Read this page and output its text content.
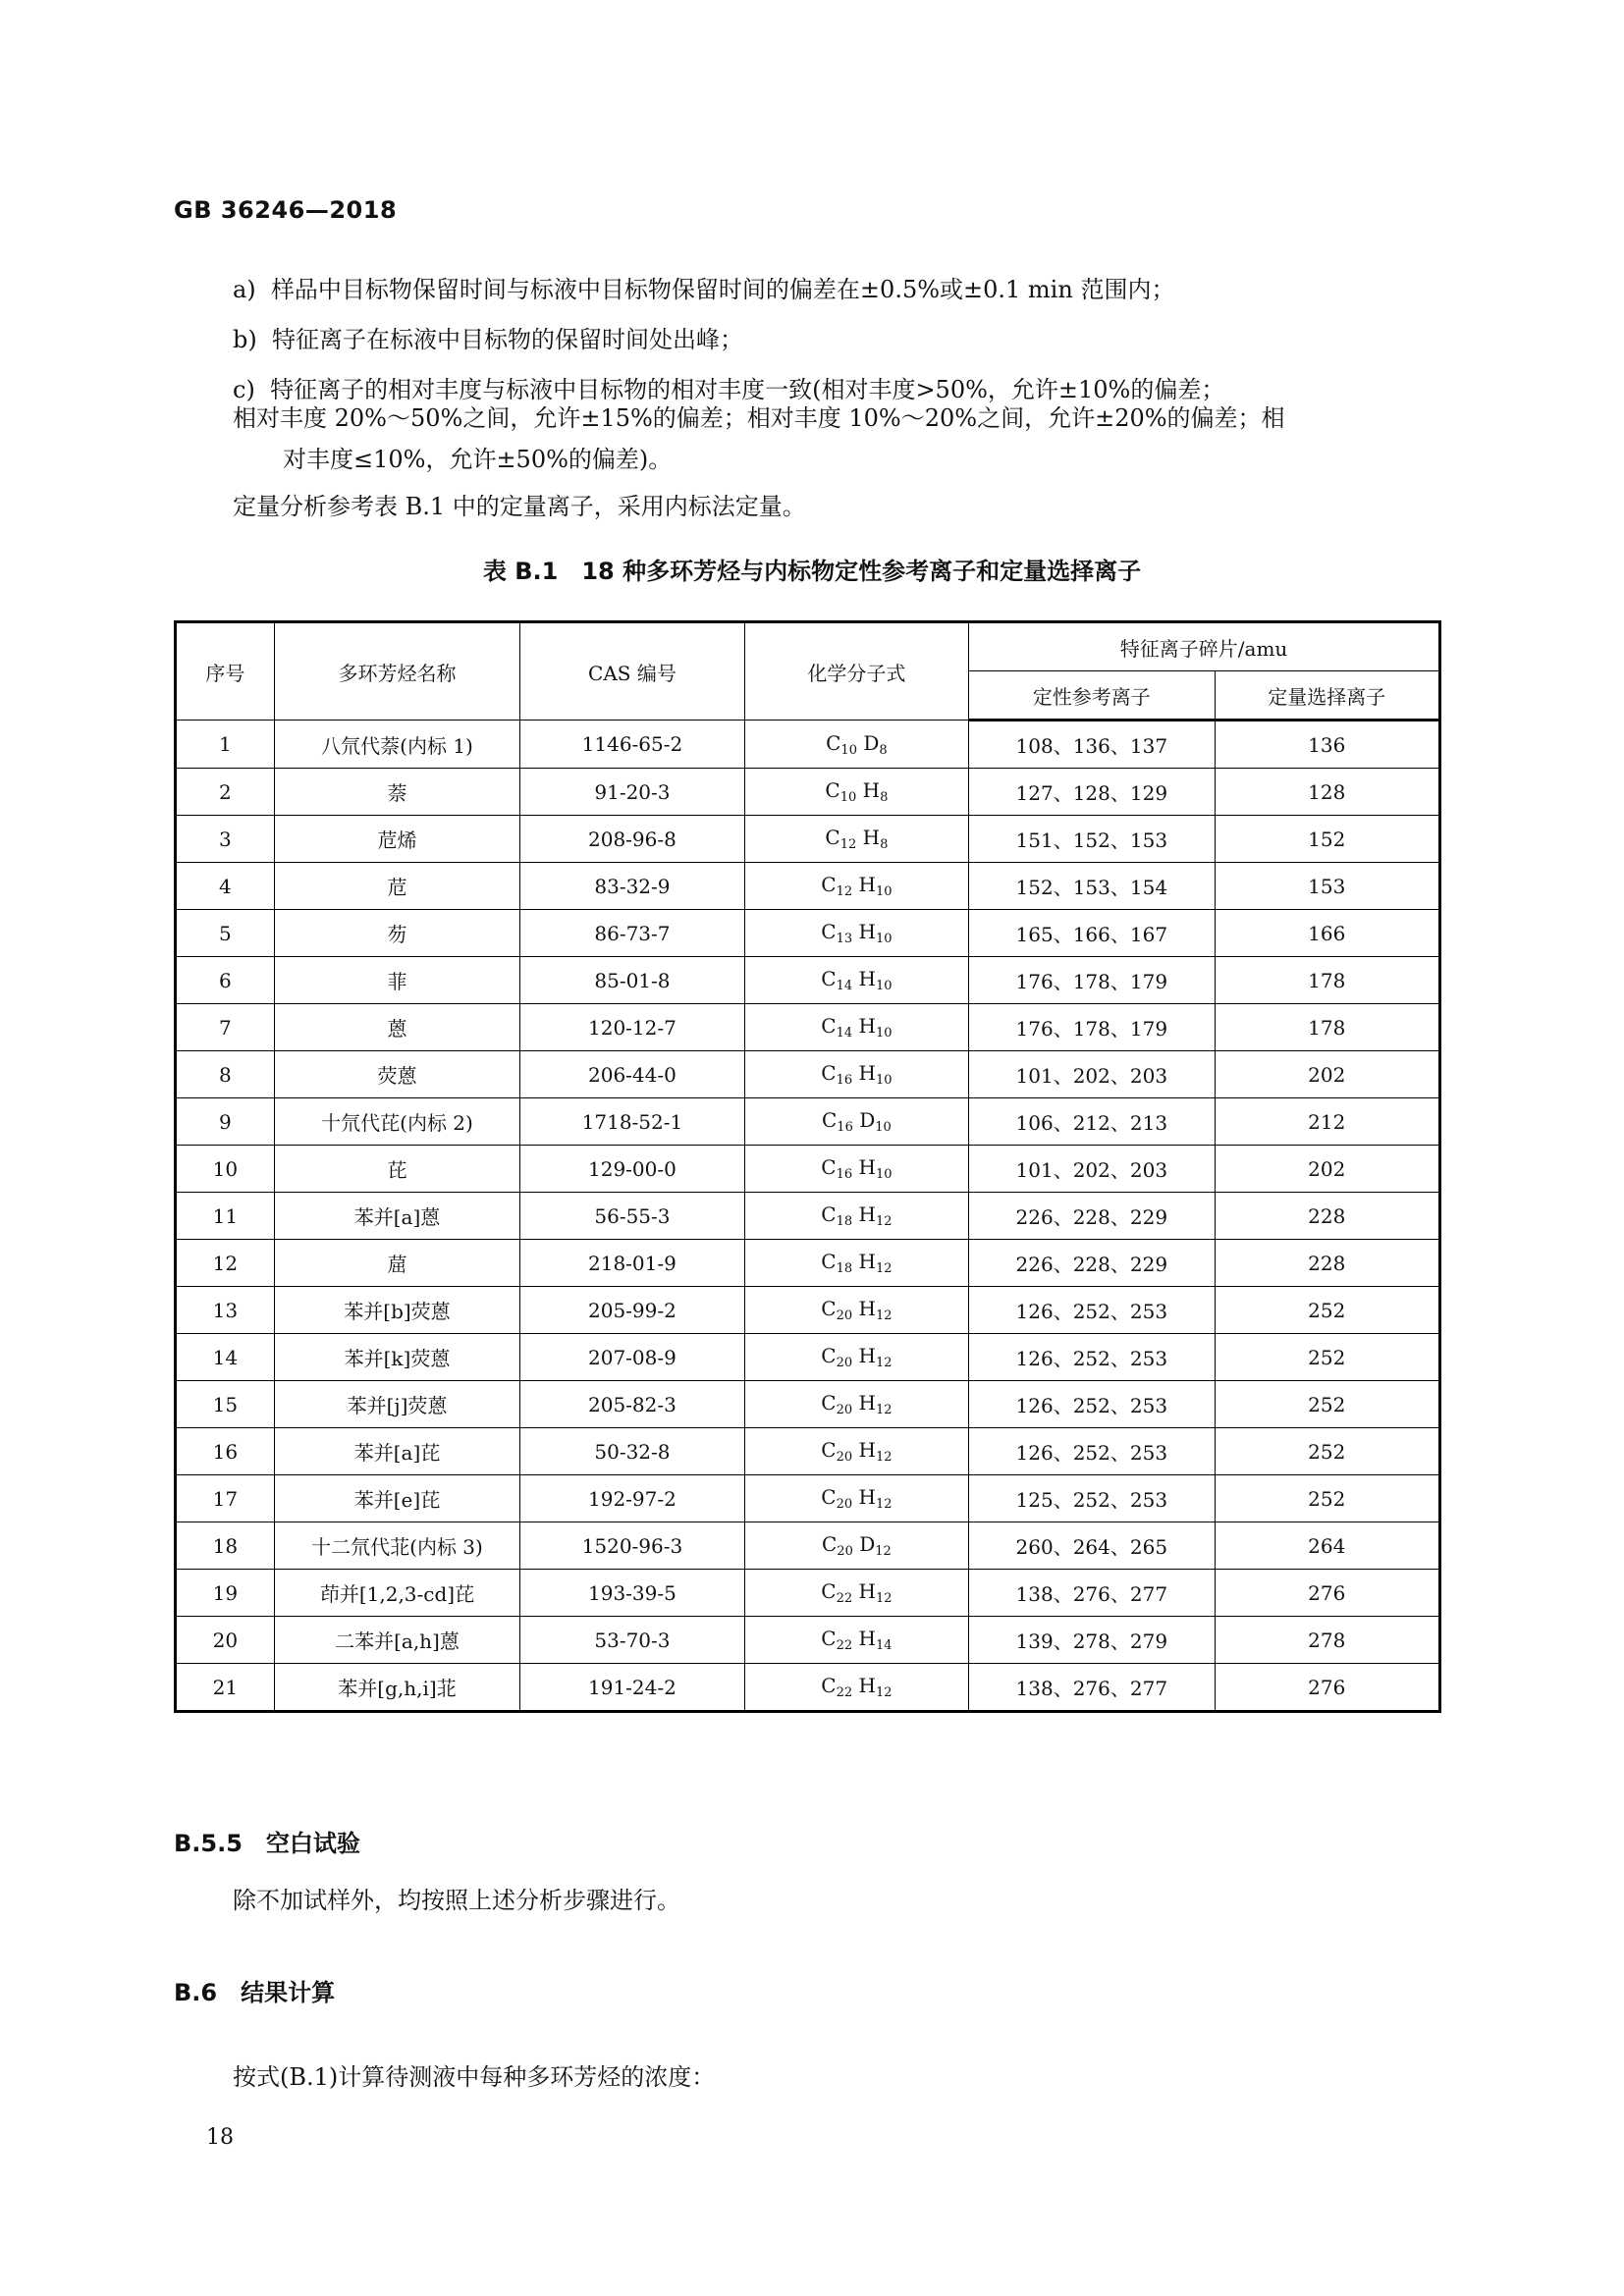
GB 36246—2018
a) 样品中目标物保留时间与标液中目标物保留时间的偏差在±0.5%或±0.1 min 范围内；
b) 特征离子在标液中目标物的保留时间处出峰；
c) 特征离子的相对丰度与标液中目标物的相对丰度一致(相对丰度>50%，允许±10%的偏差；
相对丰度 20%～50%之间，允许±15%的偏差；相对丰度 10%～20%之间，允许±20%的偏差；相
对丰度≤10%，允许±50%的偏差)。
定量分析参考表 B.1 中的定量离子，采用内标法定量。
表 B.1　18 种多环芳烃与内标物定性参考离子和定量选择离子
序号	多环芳烃名称	CAS 编号	化学分子式	特征离子碎片/amu	
				定性参考离子	定量选择离子
1	八氘代萘(内标 1)	1146-65-2	$C_{10}$ $D_8$	108、136、137	136
2	萘	91-20-3	$C_{10}$ $H_8$	127、128、129	128
3	苊烯	208-96-8	$C_{12}$ $H_8$	151、152、153	152
4	苊	83-32-9	$C_{12}$ $H_{10}$	152、153、154	153
5	芴	86-73-7	$C_{13}$ $H_{10}$	165、166、167	166
6	菲	85-01-8	$C_{14}$ $H_{10}$	176、178、179	178
7	蒽	120-12-7	$C_{14}$ $H_{10}$	176、178、179	178
8	荧蒽	206-44-0	$C_{16}$ $H_{10}$	101、202、203	202
9	十氘代芘(内标 2)	1718-52-1	$C_{16}$ $D_{10}$	106、212、213	212
10	芘	129-00-0	$C_{16}$ $H_{10}$	101、202、203	202
11	苯并[a]蒽	56-55-3	$C_{18}$ $H_{12}$	226、228、229	228
12	䓛	218-01-9	$C_{18}$ $H_{12}$	226、228、229	228
13	苯并[b]荧蒽	205-99-2	$C_{20}$ $H_{12}$	126、252、253	252
14	苯并[k]荧蒽	207-08-9	$C_{20}$ $H_{12}$	126、252、253	252
15	苯并[j]荧蒽	205-82-3	$C_{20}$ $H_{12}$	126、252、253	252
16	苯并[a]芘	50-32-8	$C_{20}$ $H_{12}$	126、252、253	252
17	苯并[e]芘	192-97-2	$C_{20}$ $H_{12}$	125、252、253	252
18	十二氘代苝(内标 3)	1520-96-3	$C_{20}$ $D_{12}$	260、264、265	264
19	茚并[1,2,3-cd]芘	193-39-5	$C_{22}$ $H_{12}$	138、276、277	276
20	二苯并[a,h]蒽	53-70-3	$C_{22}$ $H_{14}$	139、278、279	278
21	苯并[g,h,i]苝	191-24-2	$C_{22}$ $H_{12}$	138、276、277	276
B.5.5　空白试验
除不加试样外，均按照上述分析步骤进行。
B.6　结果计算
按式(B.1)计算待测液中每种多环芳烃的浓度：
18
